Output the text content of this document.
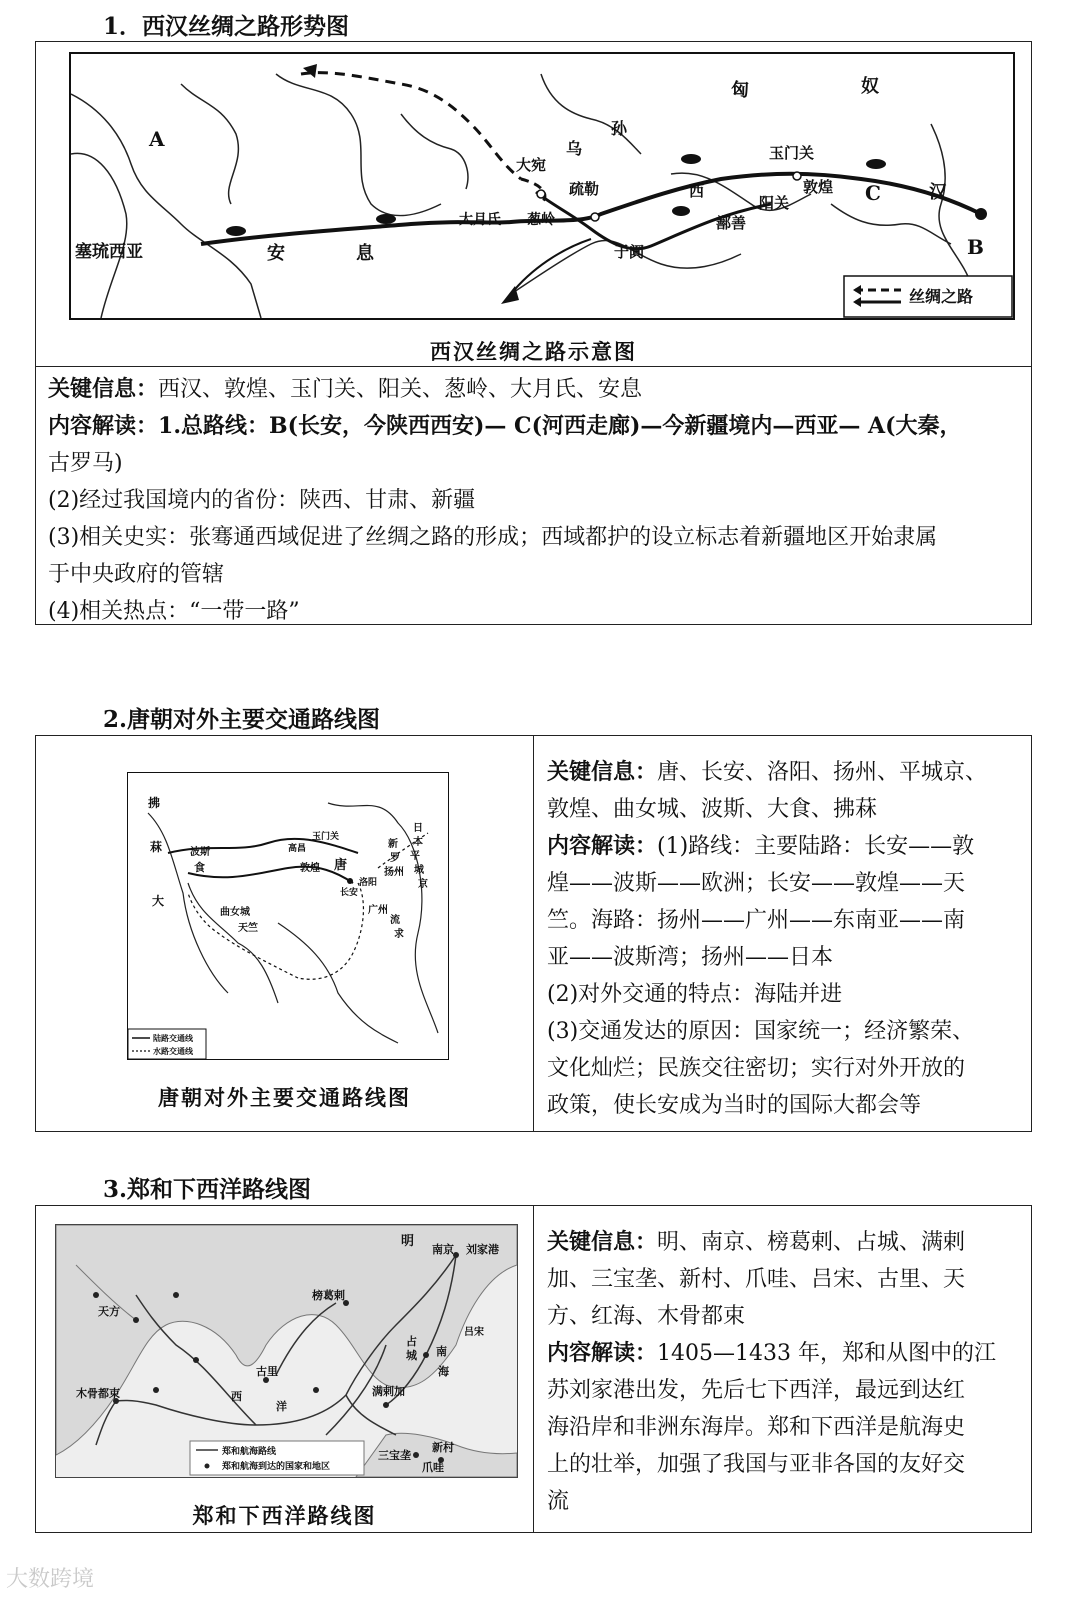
1．西汉丝绸之路形势图
匈	奴
乌
孙
大宛
疏勒
玉门关
敦煌
阳关
鄯善
西
大月氏 葱岭
于阗
安	息
塞琉西亚
汉
A
B
C
丝绸之路
西汉丝绸之路示意图
关键信息：西汉、敦煌、玉门关、阳关、葱岭、大月氏、安息
内容解读：1.总路线：B(长安，今陕西西安)— C(河西走廊)—今新疆境内—西亚— A(大秦，
古罗马)
(2)经过我国境内的省份：陕西、甘肃、新疆
(3)相关史实：张骞通西域促进了丝绸之路的形成；西域都护的设立标志着新疆地区开始隶属
于中央政府的管辖
(4)相关热点：“一带一路”
2.唐朝对外主要交通路线图
拂
菻
大
波斯
食
高昌
玉门关
敦煌 唐
长安
洛阳
扬州
新
罗
日
本
平
城
京
曲女城
天竺
广州
流
求
陆路交通线
水路交通线
唐朝对外主要交通路线图
关键信息：唐、长安、洛阳、扬州、平城京、
敦煌、曲女城、波斯、大食、拂菻
内容解读：(1)路线：主要陆路：长安——敦
煌——波斯——欧洲；长安——敦煌——天
竺。海路：扬州——广州——东南亚——南
亚——波斯湾；扬州——日本
(2)对外交通的特点：海陆并进
(3)交通发达的原因：国家统一；经济繁荣、
文化灿烂；民族交往密切；实行对外开放的
政策，使长安成为当时的国际大都会等
3.郑和下西洋路线图
明
南京 刘家港
榜葛剌
天方
古里
木骨都束	西
洋
满剌加
三宝垄
新村
爪哇
占
城 南
海
吕宋
郑和航海路线
郑和航海到达的国家和地区
郑和下西洋路线图
关键信息：明、南京、榜葛剌、占城、满剌
加、三宝垄、新村、爪哇、吕宋、古里、天
方、红海、木骨都束
内容解读：1405—1433 年，郑和从图中的江
苏刘家港出发，先后七下西洋，最远到达红
海沿岸和非洲东海岸。郑和下西洋是航海史
上的壮举，加强了我国与亚非各国的友好交
流
大数跨境
